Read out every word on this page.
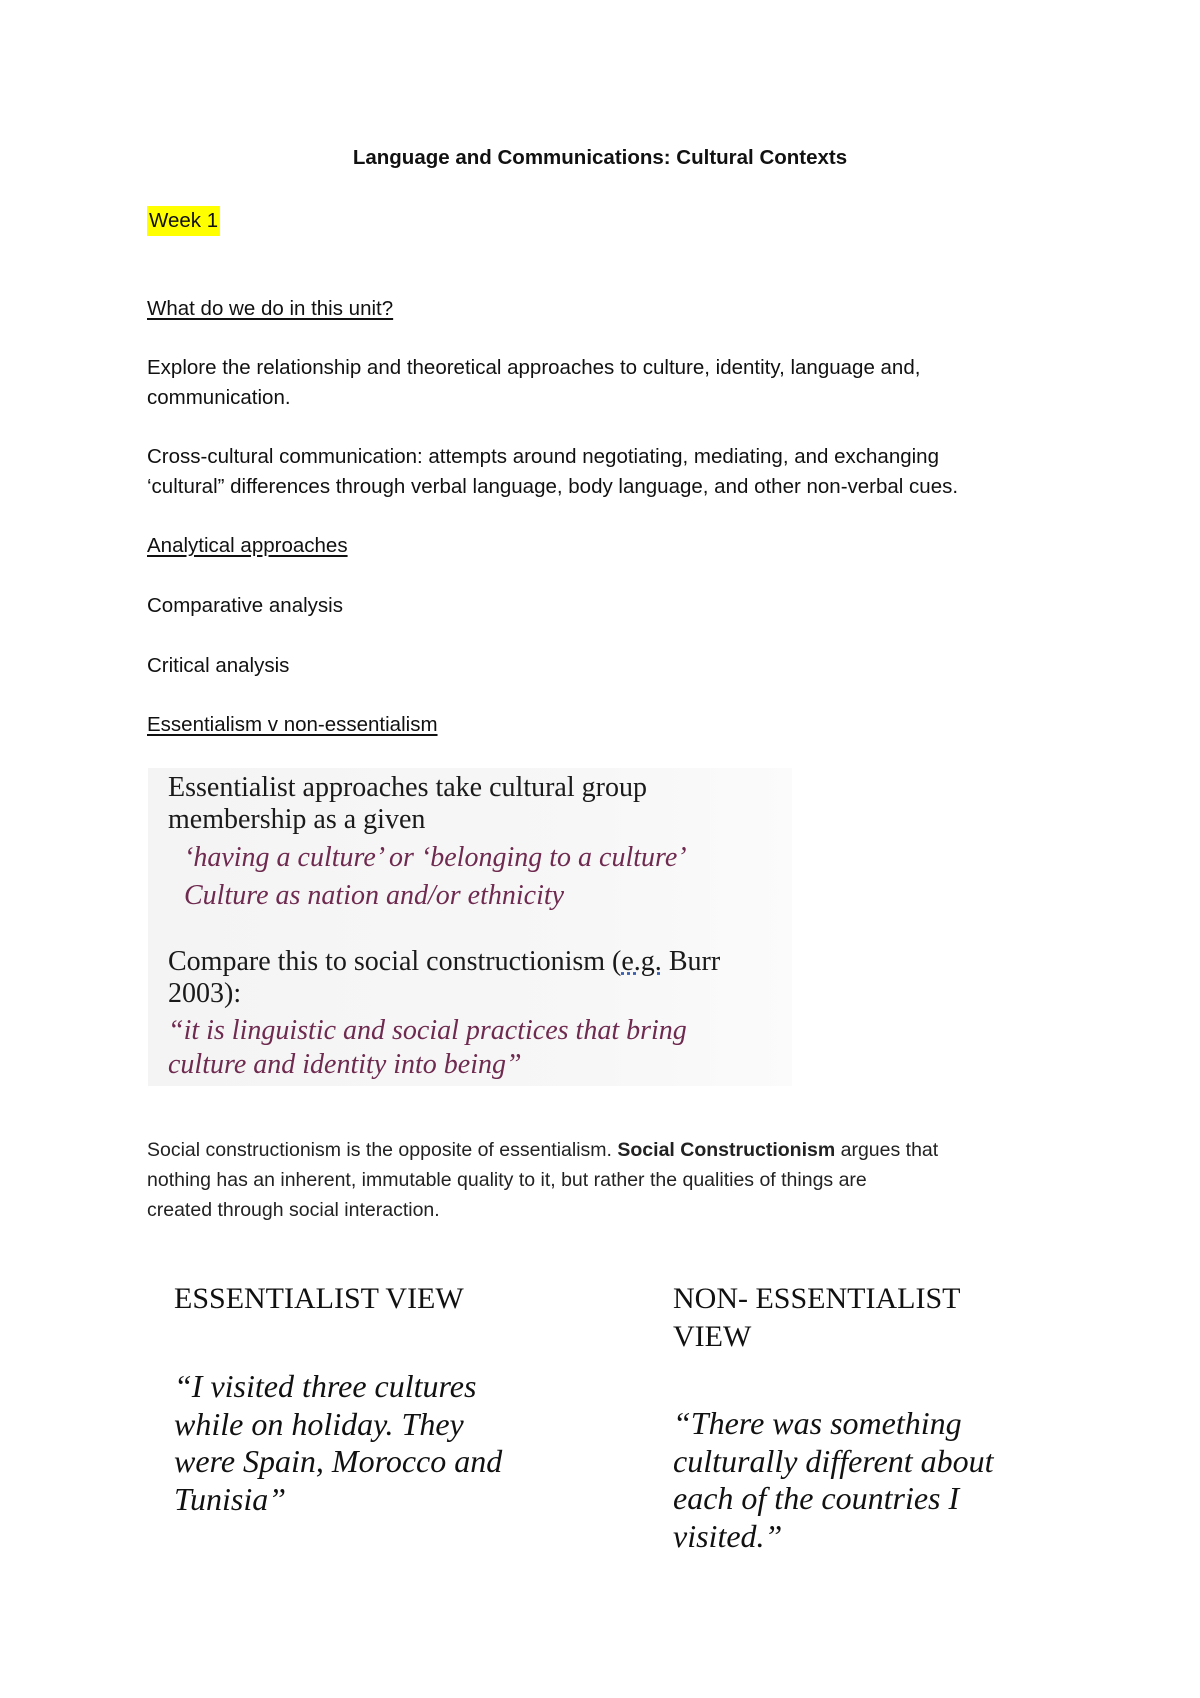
Language and Communications: Cultural Contexts
Week 1
What do we do in this unit?
Explore the relationship and theoretical approaches to culture, identity, language and,
communication.
Cross-cultural communication: attempts around negotiating, mediating, and exchanging
‘cultural” differences through verbal language, body language, and other non-verbal cues.
Analytical approaches
Comparative analysis
Critical analysis
Essentialism v non-essentialism
Essentialist approaches take cultural group
membership as a given
‘having a culture’ or ‘belonging to a culture’
Culture as nation and/or ethnicity
Compare this to social constructionism (e.g. Burr
2003):
“it is linguistic and social practices that bring
culture and identity into being”
Social constructionism is the opposite of essentialism. Social Constructionism argues that
nothing has an inherent, immutable quality to it, but rather the qualities of things are
created through social interaction.
ESSENTIALIST VIEW
“I visited three cultures
while on holiday. They
were Spain, Morocco and
Tunisia”
NON- ESSENTIALIST
VIEW
“There was something
culturally different about
each of the countries I
visited.”
